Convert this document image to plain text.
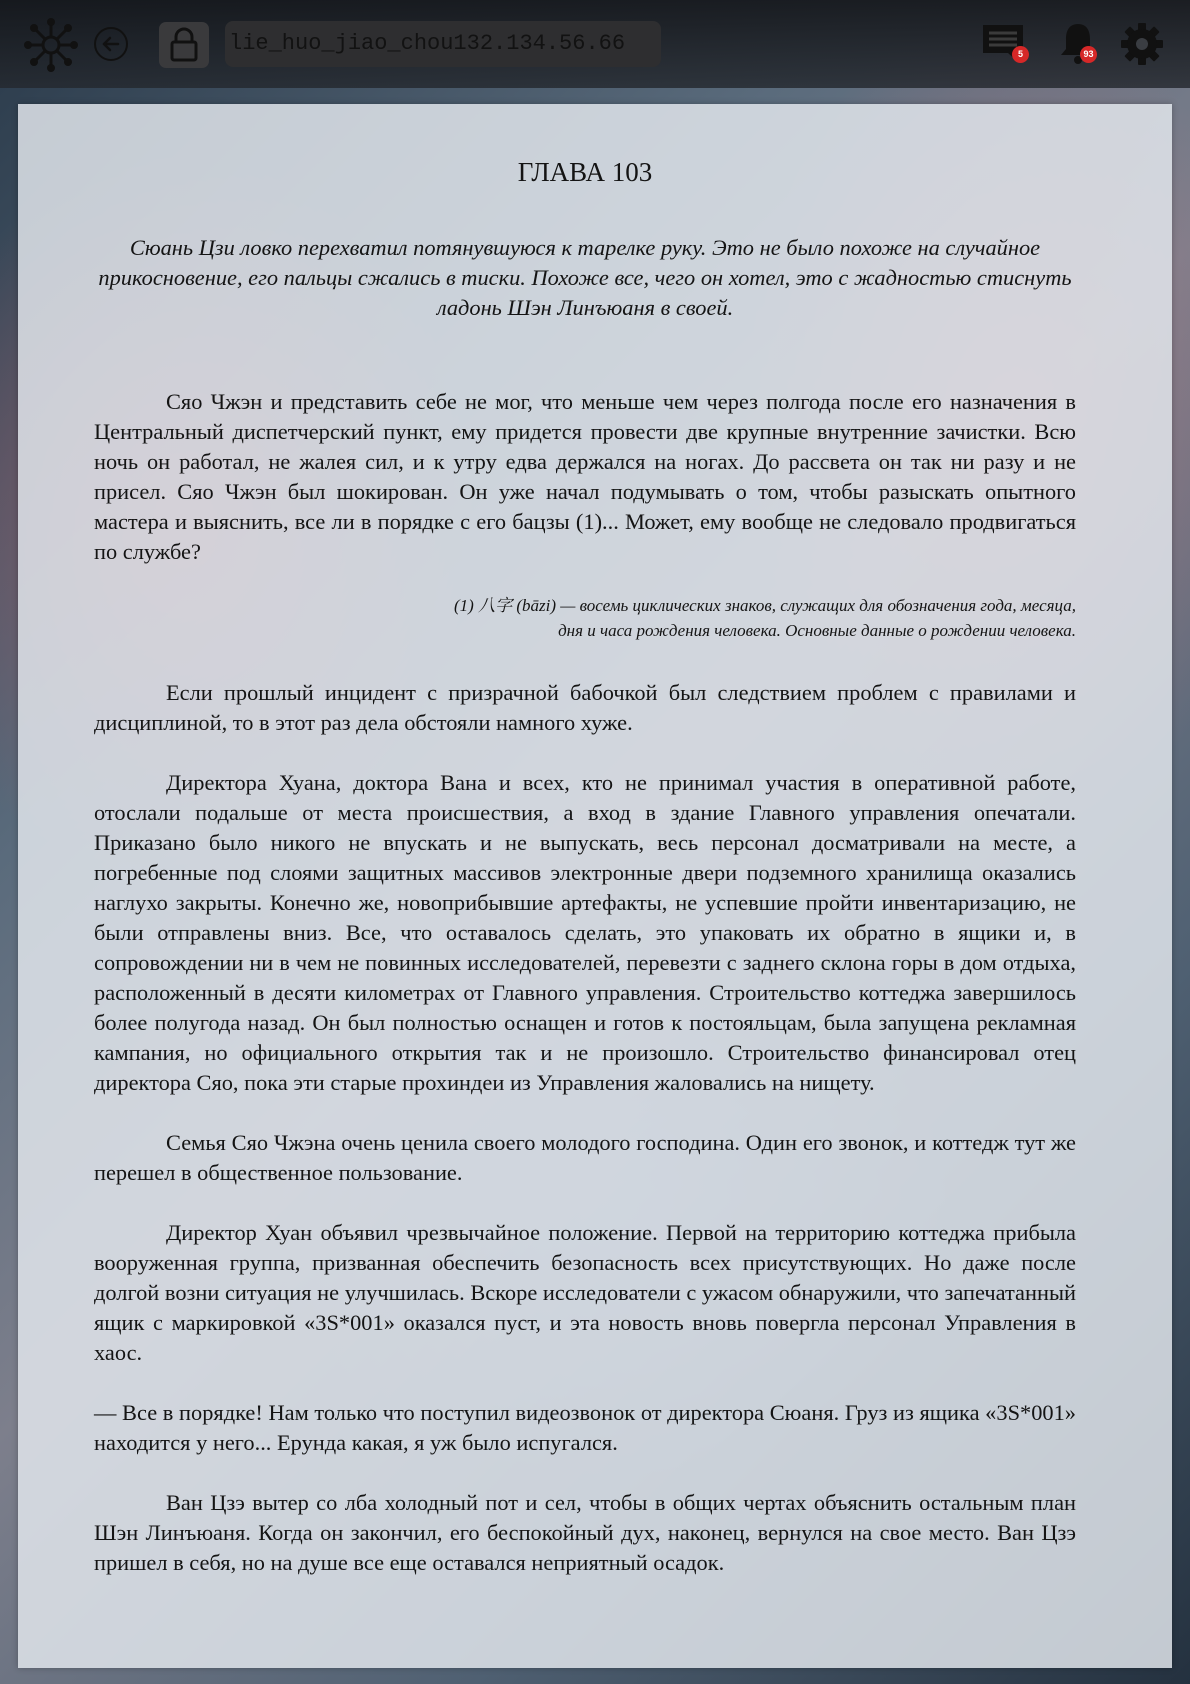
lie_huo_jiao_chou132.134.56.66	5	93
ГЛАВА 103
Сюань Цзи ловко перехватил потянувшуюся к тарелке руку. Это не было похоже на случайное прикосновение, его пальцы сжались в тиски. Похоже все, чего он хотел, это с жадностью стиснуть ладонь Шэн Линъюаня в своей.

Сяо Чжэн и представить себе не мог, что меньше чем через полгода после его назначения в Центральный диспетчерский пункт, ему придется провести две крупные внутренние зачистки. Всю ночь он работал, не жалея сил, и к утру едва держался на ногах. До рассвета он так ни разу и не присел. Сяо Чжэн был шокирован. Он уже начал подумывать о том, чтобы разыскать опытного мастера и выяснить, все ли в порядке с его бацзы (1)... Может, ему вообще не следовало продвигаться по службе?

(1) 八字 (bāzi) — восемь циклических знаков, служащих для обозначения года, месяца,
дня и часа рождения человека. Основные данные о рождении человека.

Если прошлый инцидент с призрачной бабочкой был следствием проблем с правилами и дисциплиной, то в этот раз дела обстояли намного хуже.

Директора Хуана, доктора Вана и всех, кто не принимал участия в оперативной работе, отослали подальше от места происшествия, а вход в здание Главного управления опечатали. Приказано было никого не впускать и не выпускать, весь персонал досматривали на месте, а погребенные под слоями защитных массивов электронные двери подземного хранилища оказались наглухо закрыты. Конечно же, новоприбывшие артефакты, не успевшие пройти инвентаризацию, не были отправлены вниз. Все, что оставалось сделать, это упаковать их обратно в ящики и, в сопровождении ни в чем не повинных исследователей, перевезти с заднего склона горы в дом отдыха, расположенный в десяти километрах от Главного управления. Строительство коттеджа завершилось более полугода назад. Он был полностью оснащен и готов к постояльцам, была запущена рекламная кампания, но официального открытия так и не произошло. Строительство финансировал отец директора Сяо, пока эти старые прохиндеи из Управления жаловались на нищету.

Семья Сяо Чжэна очень ценила своего молодого господина. Один его звонок, и коттедж тут же перешел в общественное пользование.

Директор Хуан объявил чрезвычайное положение. Первой на территорию коттеджа прибыла вооруженная группа, призванная обеспечить безопасность всех присутствующих. Но даже после долгой возни ситуация не улучшилась. Вскоре исследователи с ужасом обнаружили, что запечатанный ящик с маркировкой «3S*001» оказался пуст, и эта новость вновь повергла персонал Управления в хаос.

— Все в порядке! Нам только что поступил видеозвонок от директора Сюаня. Груз из ящика «3S*001» находится у него... Ерунда какая, я уж было испугался.

Ван Цзэ вытер со лба холодный пот и сел, чтобы в общих чертах объяснить остальным план Шэн Линъюаня. Когда он закончил, его беспокойный дух, наконец, вернулся на свое место. Ван Цзэ пришел в себя, но на душе все еще оставался неприятный осадок.
